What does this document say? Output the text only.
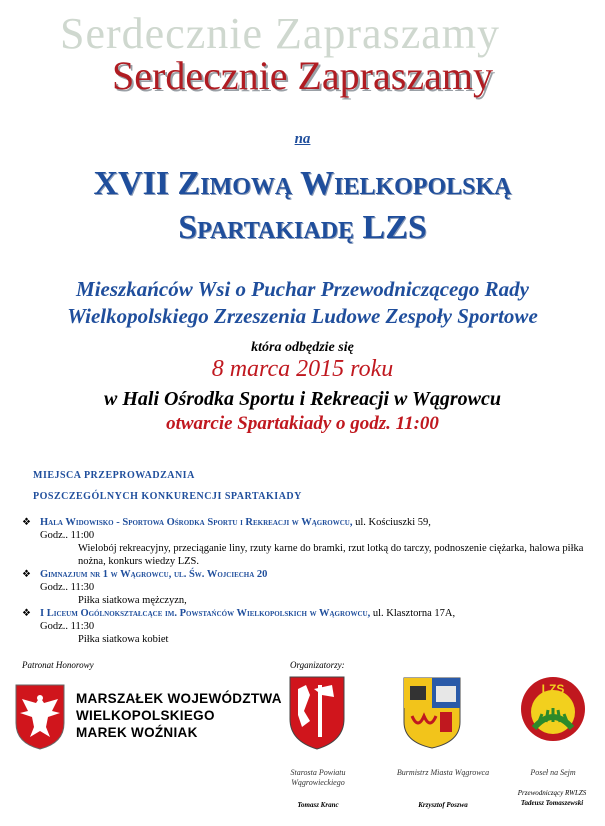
Serdecznie Zapraszamy
Serdecznie Zapraszamy
na
XVII Zimową Wielkopolską
Spartakiadę LZS
Mieszkańców Wsi o Puchar Przewodniczącego Rady
Wielkopolskiego Zrzeszenia Ludowe Zespoły Sportowe
która odbędzie się
8 marca 2015 roku
w Hali Ośrodka Sportu i Rekreacji w Wągrowcu
otwarcie Spartakiady o godz. 11:00
MIEJSCA PRZEPROWADZANIA
POSZCZEGÓLNYCH KONKURENCJI SPARTAKIADY
❖ Hala Widowisko - Sportowa Ośrodka Sportu i Rekreacji w Wągrowcu, ul. Kościuszki 59,
Godz.. 11:00
Wielobój rekreacyjny, przeciąganie liny, rzuty karne do bramki, rzut lotką do tarczy, podnoszenie ciężarka, halowa piłka nożna, konkurs wiedzy LZS.
❖ Gimnazjum nr 1 w Wągrowcu, ul. Św. Wojciecha 20
Godz.. 11:30
Piłka siatkowa mężczyzn,
❖ I Liceum Ogólnokształcące im. Powstańców Wielkopolskich w Wągrowcu, ul. Klasztorna 17A,
Godz.. 11:30
Piłka siatkowa kobiet
Patronat Honorowy	Organizatorzy:
MARSZAŁEK WOJEWÓDZTWA
WIELKOPOLSKIEGO
MAREK WOŹNIAK
LZS
Starosta Powiatu
Wągrowieckiego
Tomasz Kranc
Burmistrz Miasta Wągrowca
Krzysztof Poszwa
Poseł na Sejm
Przewodniczący RWLZS
Tadeusz Tomaszewski
